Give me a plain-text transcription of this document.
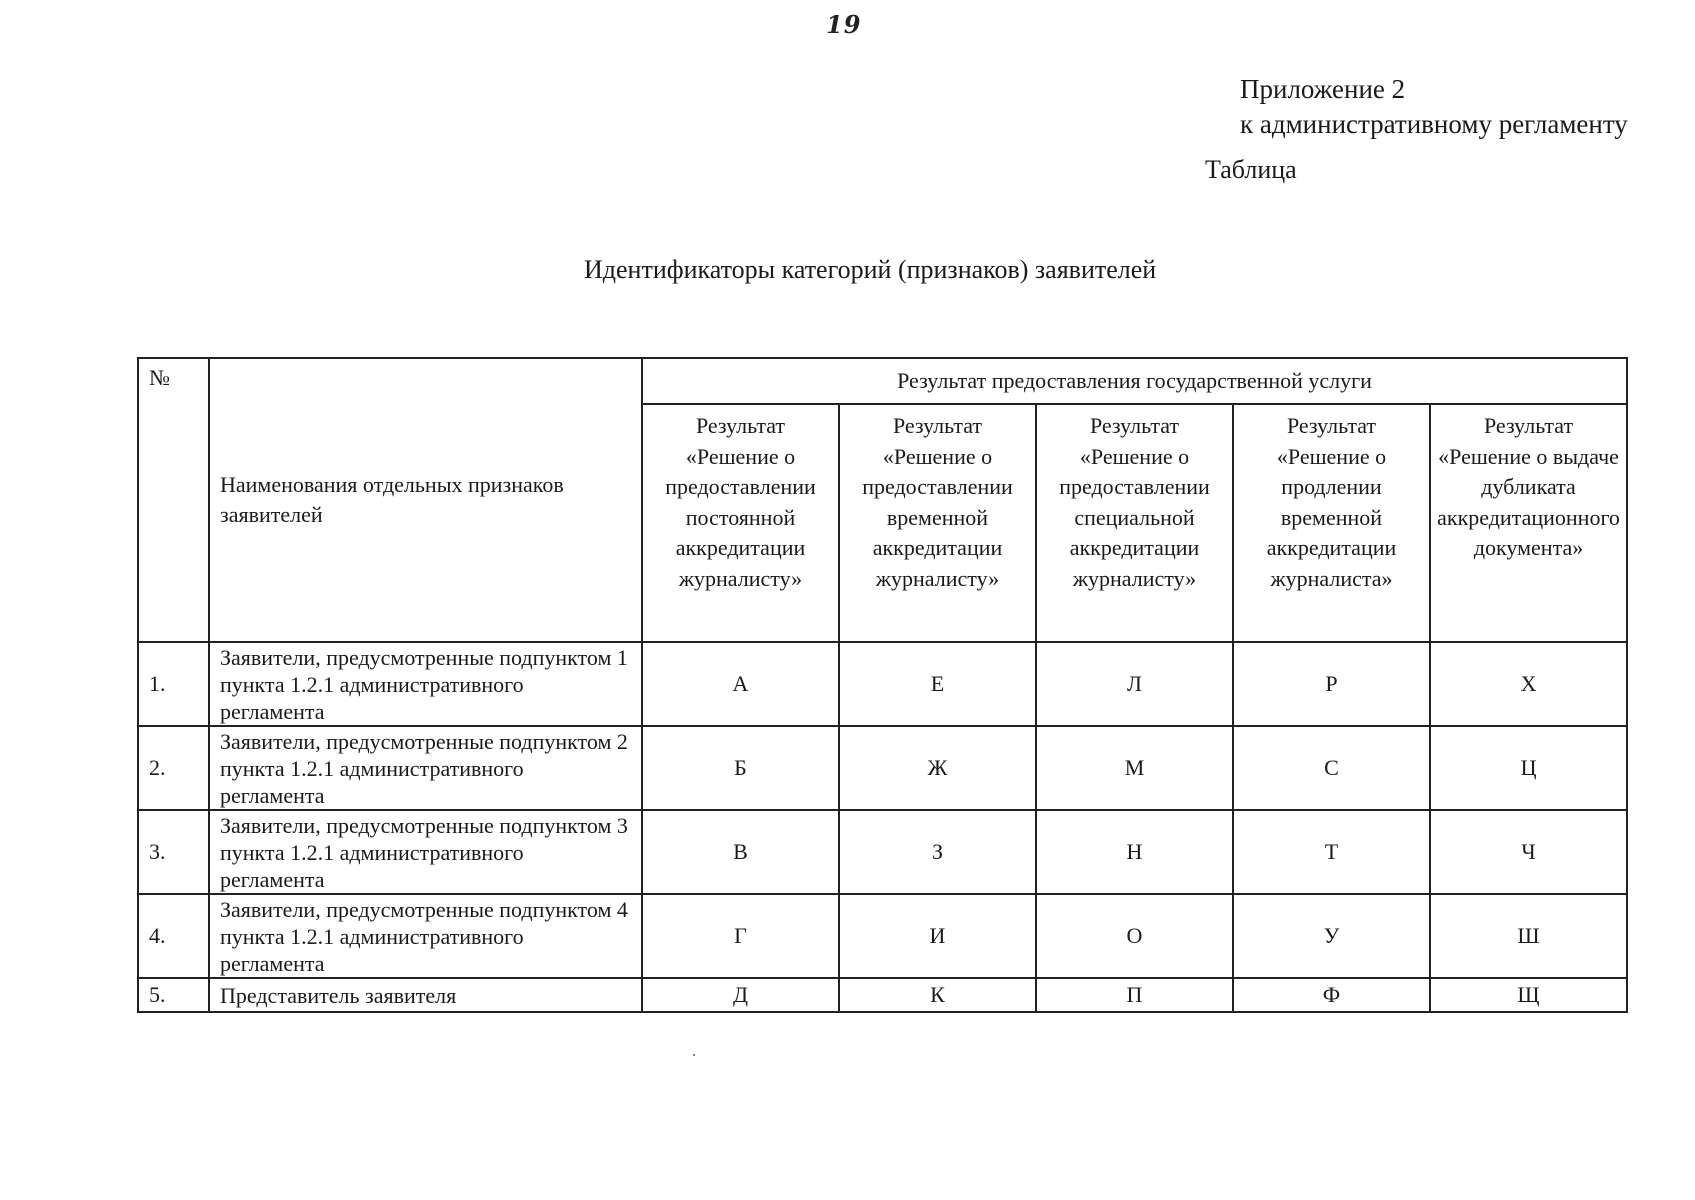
19
Приложение 2
к административному регламенту
Таблица
Идентификаторы категорий (признаков) заявителей
№	Наименования отдельных признаков заявителей	Результат предоставления государственной услуги				
		Результат «Решение о предоставлении постоянной аккредитации журналисту»	Результат «Решение о предоставлении временной аккредитации журналисту»	Результат «Решение о предоставлении специальной аккредитации журналисту»	Результат «Решение о продлении временной аккредитации журналиста»	Результат «Решение о выдаче дубликата аккредитационного документа»
1.	Заявители, предусмотренные подпунктом 1 пункта 1.2.1 административного регламента	А	Е	Л	Р	Х
2.	Заявители, предусмотренные подпунктом 2 пункта 1.2.1 административного регламента	Б	Ж	М	С	Ц
3.	Заявители, предусмотренные подпунктом 3 пункта 1.2.1 административного регламента	В	З	Н	Т	Ч
4.	Заявители, предусмотренные подпунктом 4 пункта 1.2.1 административного регламента	Г	И	О	У	Ш
5.	Представитель заявителя	Д	К	П	Ф	Щ
